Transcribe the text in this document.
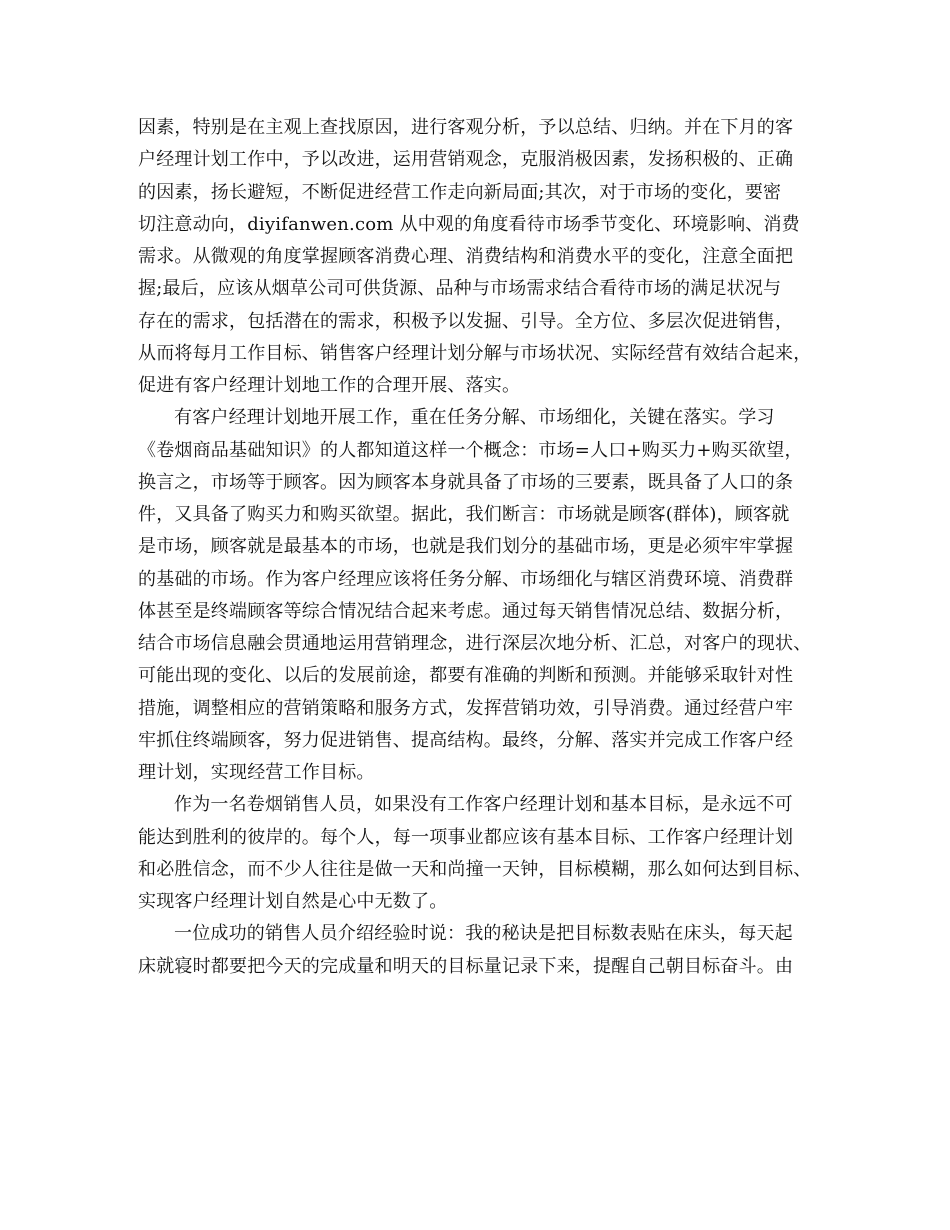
因素，特别是在主观上查找原因，进行客观分析，予以总结、归纳。并在下月的客
户经理计划工作中，予以改进，运用营销观念，克服消极因素，发扬积极的、正确
的因素，扬长避短，不断促进经营工作走向新局面;其次，对于市场的变化，要密
切注意动向，diyifanwen.com 从中观的角度看待市场季节变化、环境影响、消费
需求。从微观的角度掌握顾客消费心理、消费结构和消费水平的变化，注意全面把
握;最后，应该从烟草公司可供货源、品种与市场需求结合看待市场的满足状况与
存在的需求，包括潜在的需求，积极予以发掘、引导。全方位、多层次促进销售，
从而将每月工作目标、销售客户经理计划分解与市场状况、实际经营有效结合起来，
促进有客户经理计划地工作的合理开展、落实。
有客户经理计划地开展工作，重在任务分解、市场细化，关键在落实。学习
《卷烟商品基础知识》的人都知道这样一个概念：市场=人口+购买力+购买欲望，
换言之，市场等于顾客。因为顾客本身就具备了市场的三要素，既具备了人口的条
件，又具备了购买力和购买欲望。据此，我们断言：市场就是顾客(群体)，顾客就
是市场，顾客就是最基本的市场，也就是我们划分的基础市场，更是必须牢牢掌握
的基础的市场。作为客户经理应该将任务分解、市场细化与辖区消费环境、消费群
体甚至是终端顾客等综合情况结合起来考虑。通过每天销售情况总结、数据分析，
结合市场信息融会贯通地运用营销理念，进行深层次地分析、汇总，对客户的现状、
可能出现的变化、以后的发展前途，都要有准确的判断和预测。并能够采取针对性
措施，调整相应的营销策略和服务方式，发挥营销功效，引导消费。通过经营户牢
牢抓住终端顾客，努力促进销售、提高结构。最终，分解、落实并完成工作客户经
理计划，实现经营工作目标。
作为一名卷烟销售人员，如果没有工作客户经理计划和基本目标，是永远不可
能达到胜利的彼岸的。每个人，每一项事业都应该有基本目标、工作客户经理计划
和必胜信念，而不少人往往是做一天和尚撞一天钟，目标模糊，那么如何达到目标、
实现客户经理计划自然是心中无数了。
一位成功的销售人员介绍经验时说：我的秘诀是把目标数表贴在床头，每天起
床就寝时都要把今天的完成量和明天的目标量记录下来，提醒自己朝目标奋斗。由
